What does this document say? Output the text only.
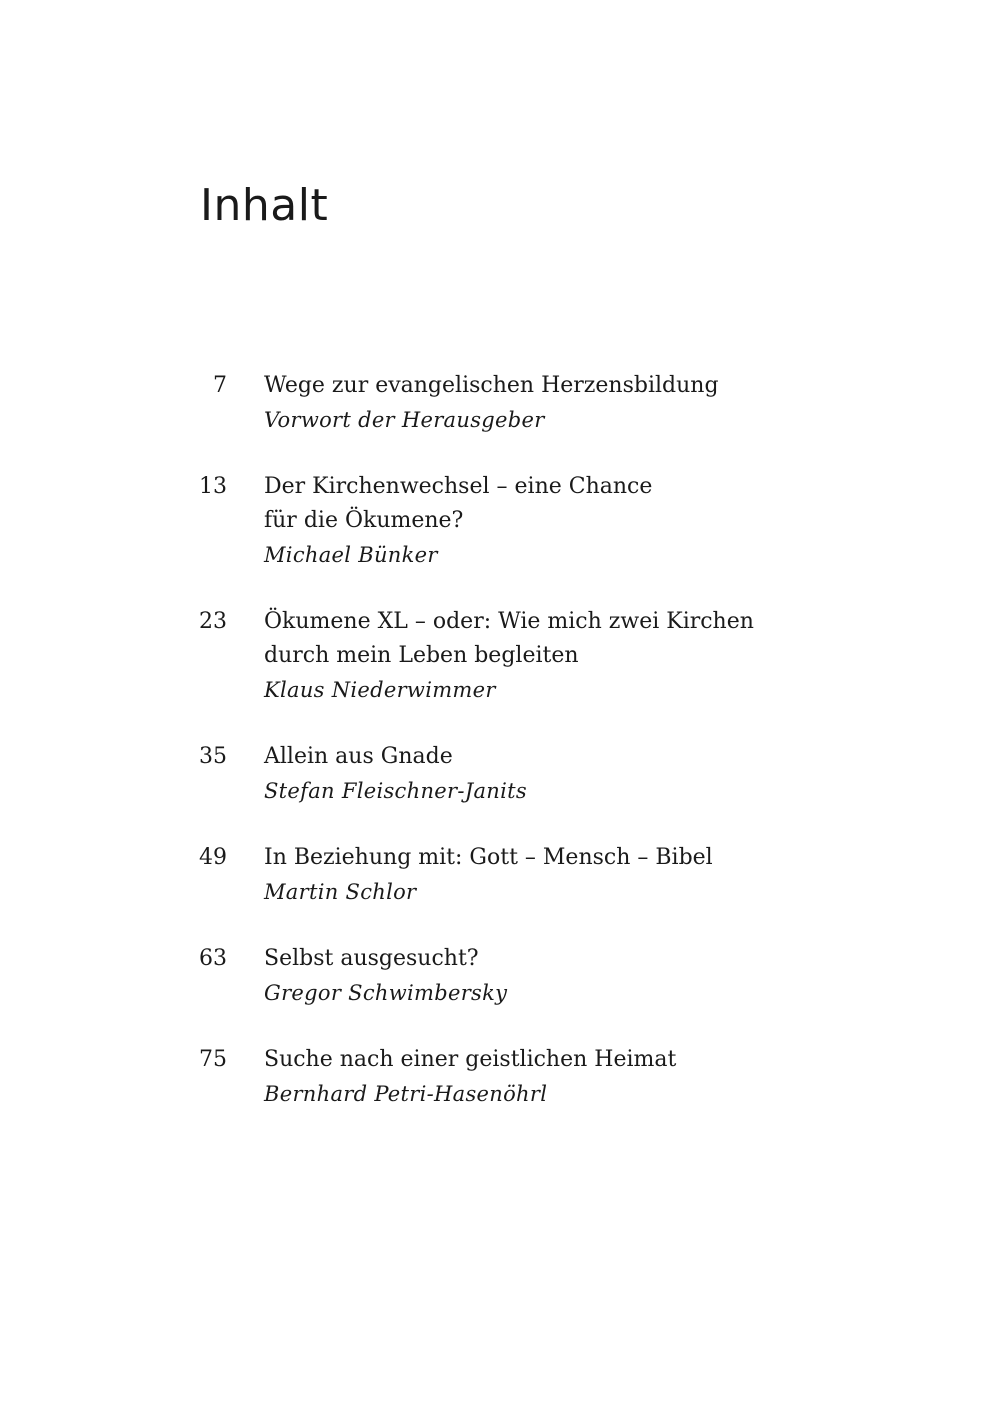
Inhalt
7 Wege zur evangelischen Herzensbildung
Vorwort der Herausgeber
13 Der Kirchenwechsel – eine Chance
für die Ökumene?
Michael Bünker
23 Ökumene XL – oder: Wie mich zwei Kirchen
durch mein Leben begleiten
Klaus Niederwimmer
35 Allein aus Gnade
Stefan Fleischner-Janits
49 In Beziehung mit: Gott – Mensch – Bibel
Martin Schlor
63 Selbst ausgesucht?
Gregor Schwimbersky
75 Suche nach einer geistlichen Heimat
Bernhard Petri-Hasenöhrl
